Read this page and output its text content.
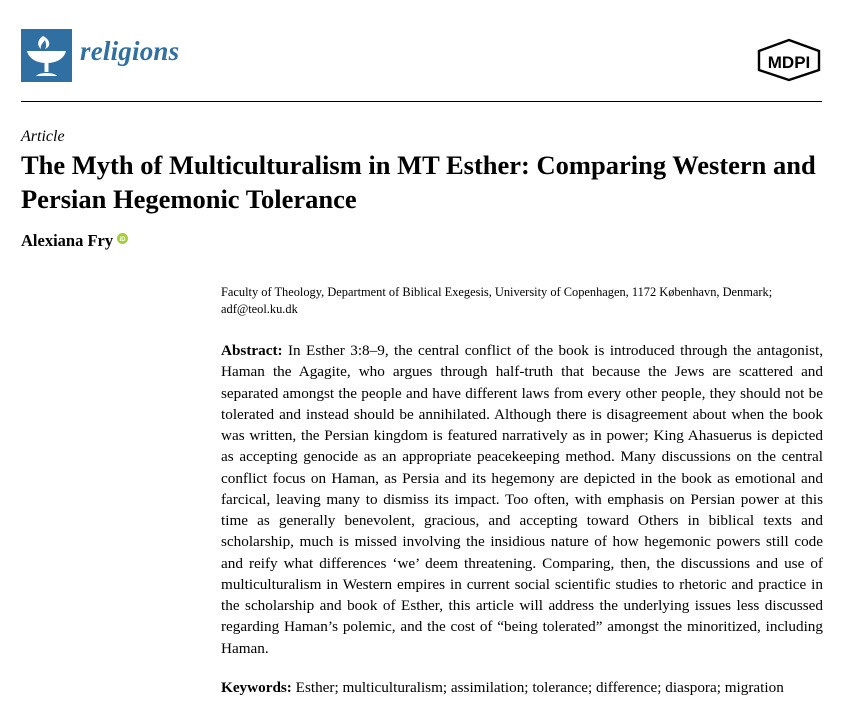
religions	MDPI
Article
The Myth of Multiculturalism in MT Esther: Comparing Western and Persian Hegemonic Tolerance
Alexiana Fry iD
Faculty of Theology, Department of Biblical Exegesis, University of Copenhagen, 1172 København, Denmark;
adf@teol.ku.dk

Abstract: In Esther 3:8–9, the central conflict of the book is introduced through the antagonist, Haman the Agagite, who argues through half-truth that because the Jews are scattered and separated amongst the people and have different laws from every other people, they should not be tolerated and instead should be annihilated. Although there is disagreement about when the book was written, the Persian kingdom is featured narratively as in power; King Ahasuerus is depicted as accepting genocide as an appropriate peacekeeping method. Many discussions on the central conflict focus on Haman, as Persia and its hegemony are depicted in the book as emotional and farcical, leaving many to dismiss its impact. Too often, with emphasis on Persian power at this time as generally benevolent, gracious, and accepting toward Others in biblical texts and scholarship, much is missed involving the insidious nature of how hegemonic powers still code and reify what differences ‘we’ deem threatening. Comparing, then, the discussions and use of multiculturalism in Western empires in current social scientific studies to rhetoric and practice in the scholarship and book of Esther, this article will address the underlying issues less discussed regarding Haman’s polemic, and the cost of “being tolerated” amongst the minoritized, including Haman.

Keywords: Esther; multiculturalism; assimilation; tolerance; difference; diaspora; migration
